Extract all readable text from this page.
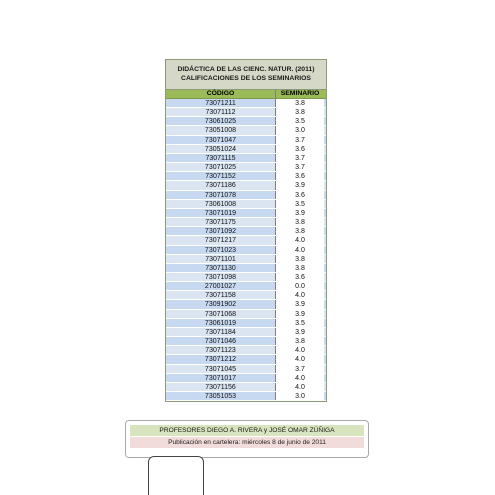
DIDÁCTICA DE LAS CIENC. NATUR. (2011)
CALIFICACIONES DE LOS SEMINARIOS
CÓDIGO	SEMINARIO
73071211	3.8
73071112	3.8
73061025	3.5
73051008	3.0
73071047	3.7
73051024	3.6
73071115	3.7
73071025	3.7
73071152	3.6
73071186	3.9
73071078	3.6
73061008	3.5
73071019	3.9
73071175	3.8
73071092	3.8
73071217	4.0
73071023	4.0
73071101	3.8
73071130	3.8
73071098	3.6
27001027	0.0
73071158	4.0
73091902	3.9
73071068	3.9
73061019	3.5
73071184	3.9
73071046	3.8
73071123	4.0
73071212	4.0
73071045	3.7
73071017	4.0
73071156	4.0
73051053	3.0
PROFESORES DIEGO A. RIVERA y JOSÉ OMAR ZÚÑIGA
Publicación en cartelera: miércoles 8 de junio de 2011
